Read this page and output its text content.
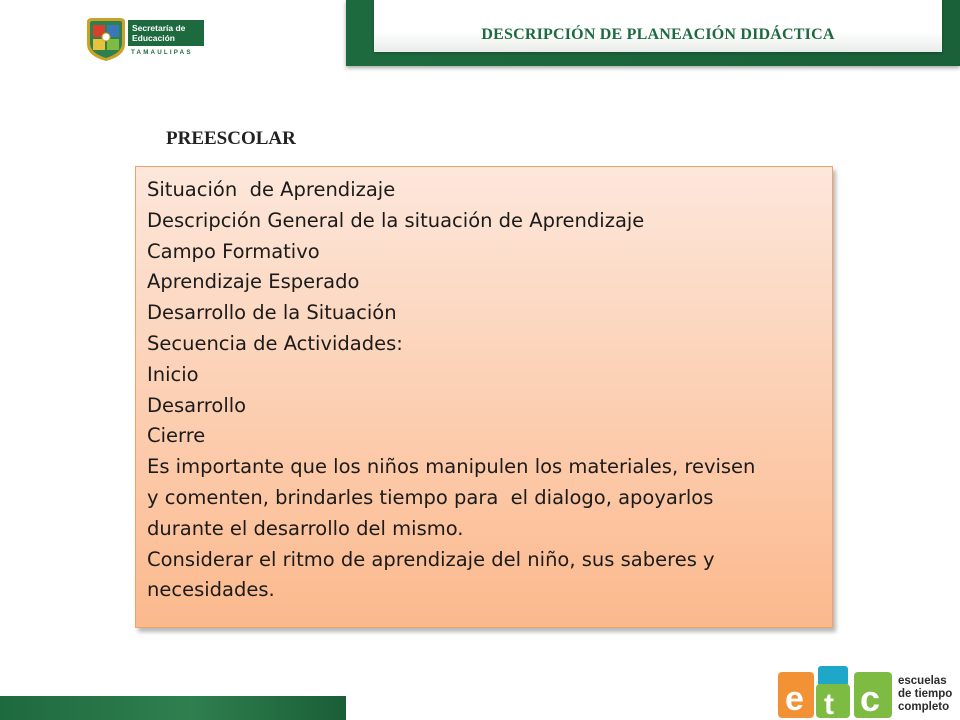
Secretaría de
Educación
TAMAULIPAS
DESCRIPCIÓN DE PLANEACIÓN DIDÁCTICA
PREESCOLAR
Situación  de Aprendizaje
Descripción General de la situación de Aprendizaje
Campo Formativo
Aprendizaje Esperado
Desarrollo de la Situación
Secuencia de Actividades:
Inicio
Desarrollo
Cierre
Es importante que los niños manipulen los materiales, revisen
y comenten, brindarles tiempo para  el dialogo, apoyarlos
durante el desarrollo del mismo.
Considerar el ritmo de aprendizaje del niño, sus saberes y
necesidades.
e t c escuelas
de tiempo
completo
